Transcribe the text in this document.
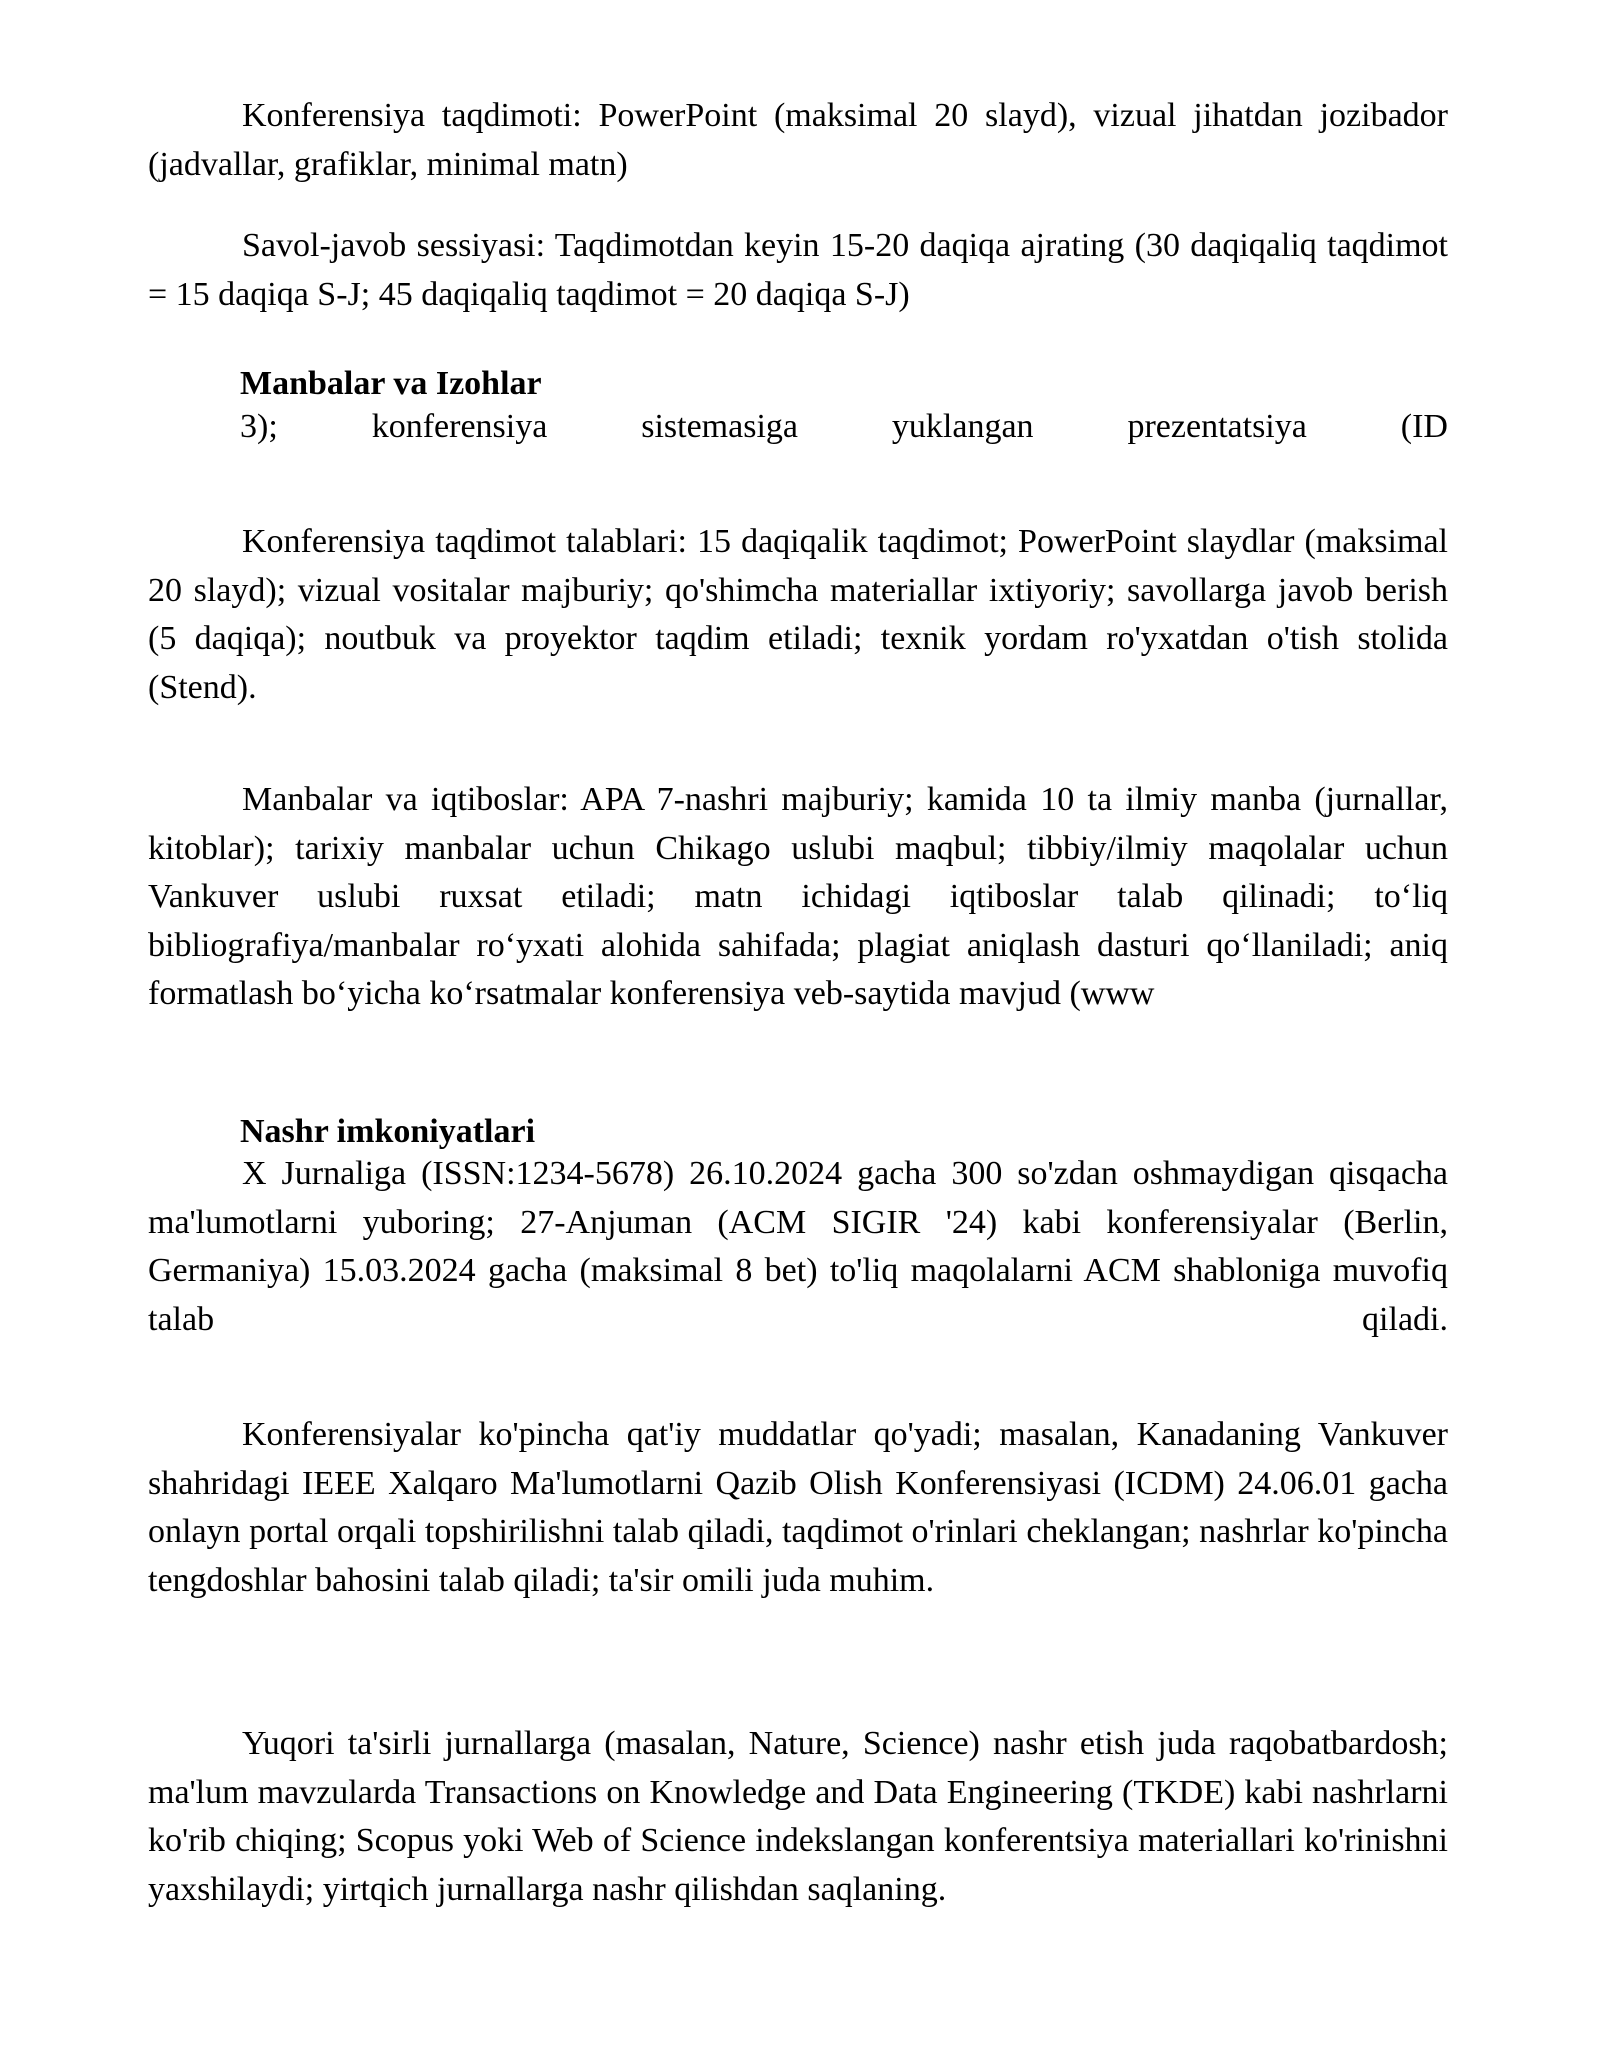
Konferensiya taqdimoti: PowerPoint (maksimal 20 slayd), vizual jihatdan jozibador (jadvallar, grafiklar, minimal matn)

Savol-javob sessiyasi: Taqdimotdan keyin 15-20 daqiqa ajrating (30 daqiqaliq taqdimot = 15 daqiqa S-J; 45 daqiqaliq taqdimot = 20 daqiqa S-J)

Manbalar va Izohlar

3);	konferensiya	sistemasiga	yuklangan	prezentatsiya	(ID

Konferensiya taqdimot talablari: 15 daqiqalik taqdimot; PowerPoint slaydlar (maksimal 20 slayd); vizual vositalar majburiy; qo'shimcha materiallar ixtiyoriy; savollarga javob berish (5 daqiqa); noutbuk va proyektor taqdim etiladi; texnik yordam ro'yxatdan o'tish stolida (Stend).

Manbalar va iqtiboslar: APA 7-nashri majburiy; kamida 10 ta ilmiy manba (jurnallar, kitoblar); tarixiy manbalar uchun Chikago uslubi maqbul; tibbiy/ilmiy maqolalar uchun Vankuver uslubi ruxsat etiladi; matn ichidagi iqtiboslar talab qilinadi; to‘liq bibliografiya/manbalar ro‘yxati alohida sahifada; plagiat aniqlash dasturi qo‘llaniladi; aniq formatlash bo‘yicha ko‘rsatmalar konferensiya veb-saytida mavjud (www

Nashr imkoniyatlari

X Jurnaliga (ISSN:1234-5678) 26.10.2024 gacha 300 so'zdan oshmaydigan qisqacha ma'lumotlarni yuboring; 27-Anjuman (ACM SIGIR '24) kabi konferensiyalar (Berlin, Germaniya) 15.03.2024 gacha (maksimal 8 bet) to'liq maqolalarni ACM shabloniga muvofiq talab qiladi.

Konferensiyalar ko'pincha qat'iy muddatlar qo'yadi; masalan, Kanadaning Vankuver shahridagi IEEE Xalqaro Ma'lumotlarni Qazib Olish Konferensiyasi (ICDM) 24.06.01 gacha onlayn portal orqali topshirilishni talab qiladi, taqdimot o'rinlari cheklangan; nashrlar ko'pincha tengdoshlar bahosini talab qiladi; ta'sir omili juda muhim.

Yuqori ta'sirli jurnallarga (masalan, Nature, Science) nashr etish juda raqobatbardosh; ma'lum mavzularda Transactions on Knowledge and Data Engineering (TKDE) kabi nashrlarni ko'rib chiqing; Scopus yoki Web of Science indekslangan konferentsiya materiallari ko'rinishni yaxshilaydi; yirtqich jurnallarga nashr qilishdan saqlaning.
